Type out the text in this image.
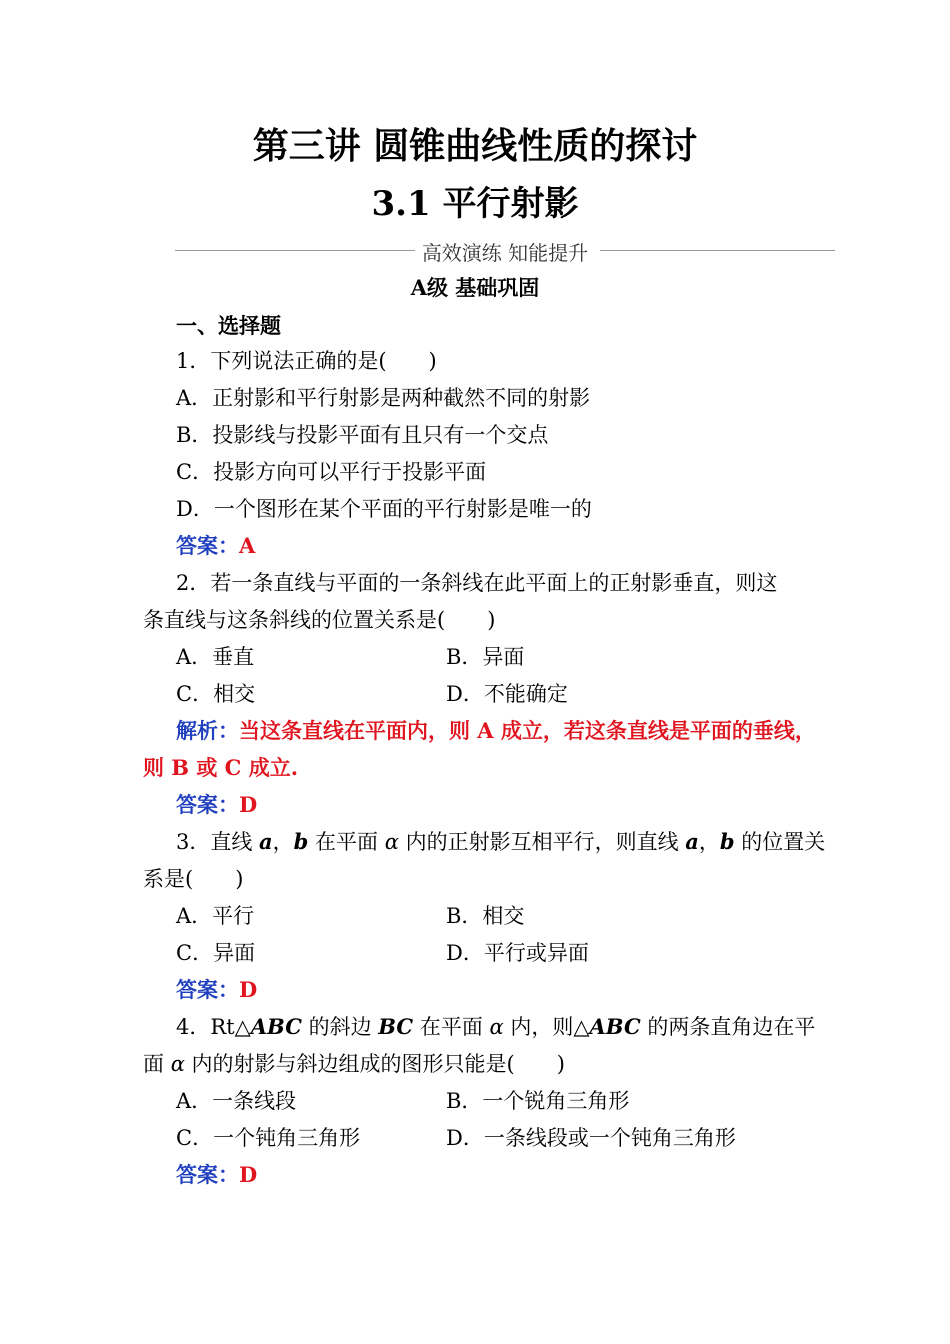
第三讲 圆锥曲线性质的探讨
3.1 平行射影
高效演练 知能提升
A级 基础巩固
一、选择题
1．下列说法正确的是(　　)
A．正射影和平行射影是两种截然不同的射影
B．投影线与投影平面有且只有一个交点
C．投影方向可以平行于投影平面
D．一个图形在某个平面的平行射影是唯一的
答案：A
2．若一条直线与平面的一条斜线在此平面上的正射影垂直，则这
条直线与这条斜线的位置关系是(　　)
A．垂直	B．异面
C．相交	D．不能确定
解析：当这条直线在平面内，则 A 成立，若这条直线是平面的垂线，
则 B 或 C 成立.
答案：D
3．直线 a，b 在平面 α 内的正射影互相平行，则直线 a，b 的位置关
系是(　　)
A．平行	B．相交
C．异面	D．平行或异面
答案：D
4．Rt△ABC 的斜边 BC 在平面 α 内，则△ABC 的两条直角边在平
面 α 内的射影与斜边组成的图形只能是(　　)
A．一条线段	B．一个锐角三角形
C．一个钝角三角形	D．一条线段或一个钝角三角形
答案：D
